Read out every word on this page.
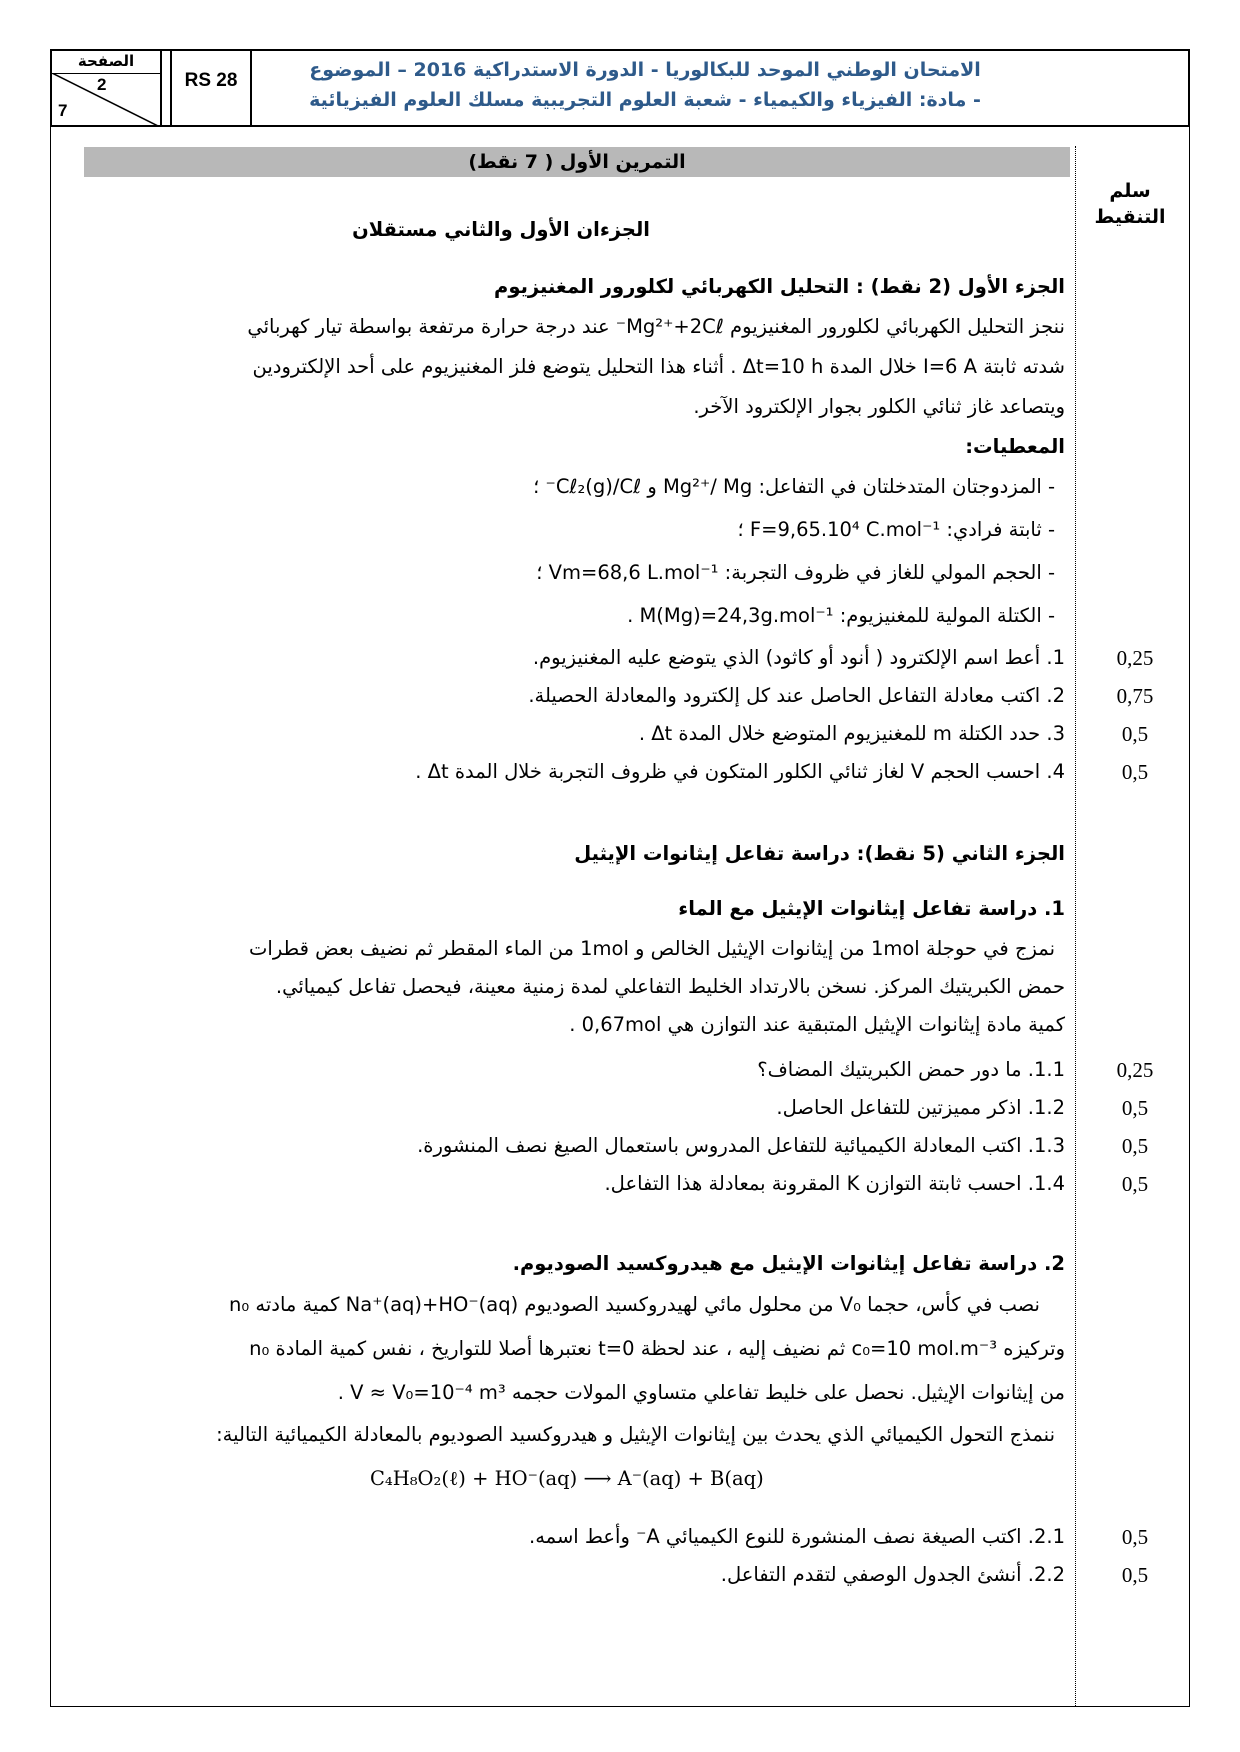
الصفحة
2
7
RS 28	الامتحان الوطني الموحد للبكالوريا - الدورة الاستدراكية 2016 – الموضوع
- مادة: الفيزياء والكيمياء - شعبة العلوم التجريبية مسلك العلوم الفيزيائية
سلم التنقيط
التمرين الأول ( 7 نقط)
الجزءان الأول والثاني مستقلان
الجزء الأول (2 نقط) : التحليل الكهربائي لكلورور المغنيزيوم
ننجز التحليل الكهربائي لكلورور المغنيزيوم Mg²⁺+2Cℓ⁻ عند درجة حرارة مرتفعة بواسطة تيار كهربائي
شدته ثابتة I=6 A خلال المدة Δt=10 h . أثناء هذا التحليل يتوضع فلز المغنيزيوم على أحد الإلكترودين
ويتصاعد غاز ثنائي الكلور بجوار الإلكترود الآخر.
المعطيات:
- المزدوجتان المتدخلتان في التفاعل: Mg²⁺/ Mg و Cℓ₂(g)/Cℓ⁻ ؛
- ثابتة فرادي: F=9,65.10⁴ C.mol⁻¹ ؛
- الحجم المولي للغاز في ظروف التجربة: Vm=68,6 L.mol⁻¹ ؛
- الكتلة المولية للمغنيزيوم: M(Mg)=24,3g.mol⁻¹ .
1. أعط اسم الإلكترود ( أنود أو كاثود) الذي يتوضع عليه المغنيزيوم.	0,25
2. اكتب معادلة التفاعل الحاصل عند كل إلكترود والمعادلة الحصيلة.	0,75
3. حدد الكتلة m للمغنيزيوم المتوضع خلال المدة Δt .	0,5
4. احسب الحجم V لغاز ثنائي الكلور المتكون في ظروف التجربة خلال المدة Δt .	0,5
الجزء الثاني (5 نقط): دراسة تفاعل إيثانوات الإيثيل
1. دراسة تفاعل إيثانوات الإيثيل مع الماء
نمزج في حوجلة 1mol من إيثانوات الإيثيل الخالص و 1mol من الماء المقطر ثم نضيف بعض قطرات
حمض الكبريتيك المركز. نسخن بالارتداد الخليط التفاعلي لمدة زمنية معينة، فيحصل تفاعل كيميائي.
كمية مادة إيثانوات الإيثيل المتبقية عند التوازن هي 0,67mol .
1.1. ما دور حمض الكبريتيك المضاف؟	0,25
1.2. اذكر مميزتين للتفاعل الحاصل.	0,5
1.3. اكتب المعادلة الكيميائية للتفاعل المدروس باستعمال الصيغ نصف المنشورة.	0,5
1.4. احسب ثابتة التوازن K المقرونة بمعادلة هذا التفاعل.	0,5
2. دراسة تفاعل إيثانوات الإيثيل مع هيدروكسيد الصوديوم.
نصب في كأس، حجما V₀ من محلول مائي لهيدروكسيد الصوديوم Na⁺(aq)+HO⁻(aq) كمية مادته n₀
وتركيزه c₀=10 mol.m⁻³ ثم نضيف إليه ، عند لحظة t=0 نعتبرها أصلا للتواريخ ، نفس كمية المادة n₀
من إيثانوات الإيثيل. نحصل على خليط تفاعلي متساوي المولات حجمه V ≈ V₀=10⁻⁴ m³ .
ننمذج التحول الكيميائي الذي يحدث بين إيثانوات الإيثيل و هيدروكسيد الصوديوم بالمعادلة الكيميائية التالية:
C₄H₈O₂(ℓ) + HO⁻(aq) ⟶ A⁻(aq) + B(aq)
2.1. اكتب الصيغة نصف المنشورة للنوع الكيميائي A⁻ وأعط اسمه.	0,5
2.2. أنشئ الجدول الوصفي لتقدم التفاعل.	0,5
